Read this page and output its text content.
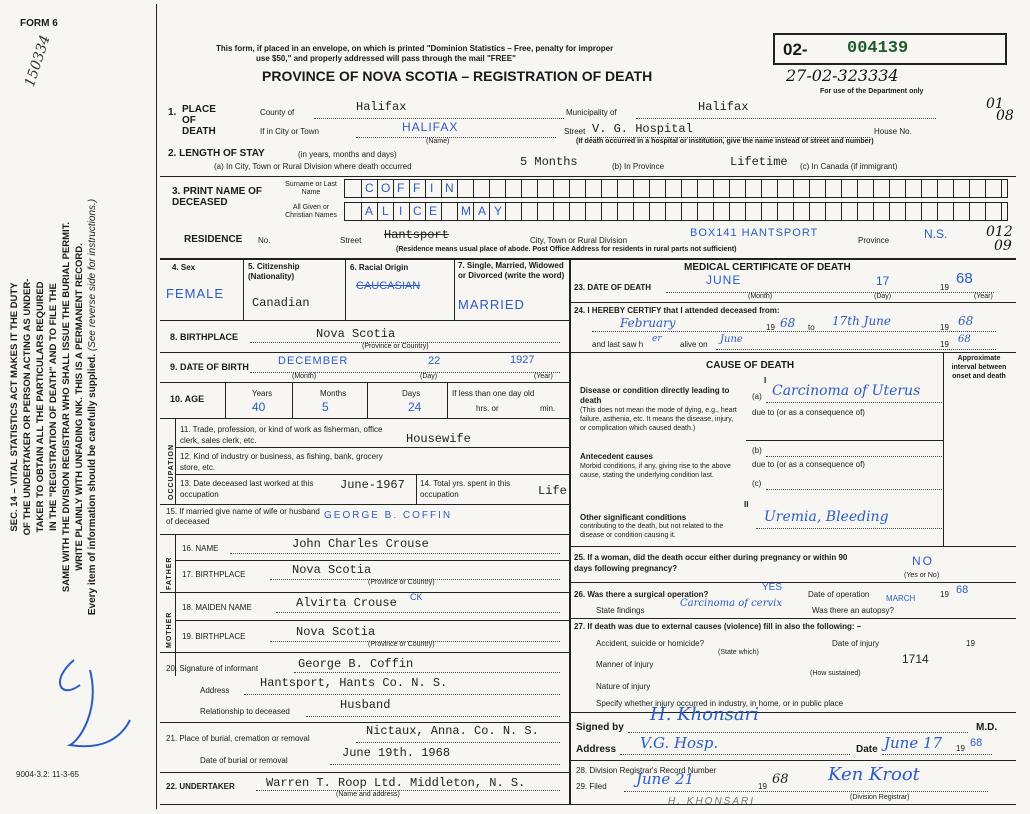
FORM 6
150334
SEC. 14 – VITAL STATISTICS ACT MAKES IT THE DUTY OF THE UNDERTAKER OR PERSON ACTING AS UNDER- TAKER TO OBTAIN ALL THE PARTICULARS REQUIRED IN THE "REGISTRATION OF DEATH" AND TO FILE THE SAME WITH THE DIVISION REGISTRAR WHO SHALL ISSUE THE BURIAL PERMIT. WRITE PLAINLY WITH UNFADING INK. THIS IS A PERMANENT RECORD. Every item of information should be carefully supplied. (See reverse side for instructions.)
9004-3.2: 11-3-65
This form, if placed in an envelope, on which is printed "Dominion Statistics – Free, penalty for improper
use $50," and properly addressed will pass through the mail "FREE"
PROVINCE OF NOVA SCOTIA – REGISTRATION OF DEATH
02- 004139
27-02-323334
For use of the Department only
01
08
1. PLACE OF DEATH
County of	Halifax	Municipality of	Halifax
If in City or Town	HALIFAX
(Name)
Street V. G. Hospital	House No.
(If death occurred in a hospital or institution, give the name instead of street and number)
2. LENGTH OF STAY	(in years, months and days)
(a) In City, Town or Rural Division where death occurred	5 Months	(b) In Province	Lifetime (c) In Canada (if immigrant)
3. PRINT NAME OF DECEASED
Surname or Last Name
All Given or Christian Names
C O F F I N
A L I C E M A Y
RESIDENCE No.	Street Hantsport	City, Town or Rural Division
BOX141 HANTSPORT
Province	N.S.
(Residence means usual place of abode. Post Office Address for residents in rural parts not sufficient)
012
09
4. Sex
FEMALE
5. Citizenship (Nationality)
Canadian
6. Racial Origin
CAUCASIAN
7. Single, Married, Widowed or Divorced (write the word)
MARRIED
8. BIRTHPLACE	Nova Scotia
(Province or Country)
9. DATE OF BIRTH	DECEMBER	22	1927
(Month)	(Day)	(Year)
10. AGE
Years
40
Months
5
Days
24
If less than one day old
hrs. or	min.
OCCUPATION
11. Trade, profession, or kind of work as fisherman, office clerk, sales clerk, etc.	Housewife
12. Kind of industry or business, as fishing, bank, grocery store, etc.
13. Date deceased last worked at this occupation
June-1967 14. Total yrs. spent in this occupation	Life
15. If married give name of wife or husband of deceased
GEORGE B. COFFIN
FATHER
16. NAME	John Charles Crouse
17. BIRTHPLACE	Nova Scotia
(Province or Country)
MOTHER
18. MAIDEN NAME	Alvirta Crouse CK
19. BIRTHPLACE	Nova Scotia
(Province or Country)
20. Signature of informant	George B. Coffin
Address
Hantsport, Hants Co. N. S.
Relationship to deceased	Husband
21. Place of burial, cremation or removal
Nictaux, Anna. Co. N. S.
Date of burial or removal
June 19th. 1968
22. UNDERTAKER	Warren T. Roop Ltd. Middleton, N. S.
(Name and address)
MEDICAL CERTIFICATE OF DEATH
23. DATE OF DEATH
JUNE	17	19
68
(Month)	(Day)	(Year)
24. I HEREBY CERTIFY that I attended deceased from:
February	19 68 to 17th June	19 68
and last saw h
er
alive on June	19 68
CAUSE OF DEATH
Approximate interval between onset and death
I
Disease or condition directly leading to death
(This does not mean the mode of dying, e.g., heart failure, asthenia, etc. It means the disease, injury, or complication which caused death.)
(a) Carcinoma of Uterus
due to (or as a consequence of)
Antecedent causes
Morbid conditions, if any, giving rise to the above cause, stating the underlying condition last.
(b)
due to (or as a consequence of)
(c)
II
Other significant conditions
contributing to the death, but not related to the disease or condition causing it.
Uremia, Bleeding
25. If a woman, did the death occur either during pregnancy or within 90 days following pregnancy?
NO
(Yes or No)
26. Was there a surgical operation?
YES
Date of operation MARCH	19 68
State findings
Carcinoma of cervix
Was there an autopsy?
27. If death was due to external causes (violence) fill in also the following: –
Accident, suicide or homicide?	Date of injury	19
(State which)	1714
Manner of injury
(How sustained)
Nature of injury
Specify whether injury occurred in industry, in home, or in public place
Signed by
H. Khonsari
M.D.
Address V.G. Hosp.	Date June 17 19 68
28. Division Registrar's Record Number
29. Filed June 21	19 68 Ken Kroot
(Division Registrar)
H. KHONSARI
